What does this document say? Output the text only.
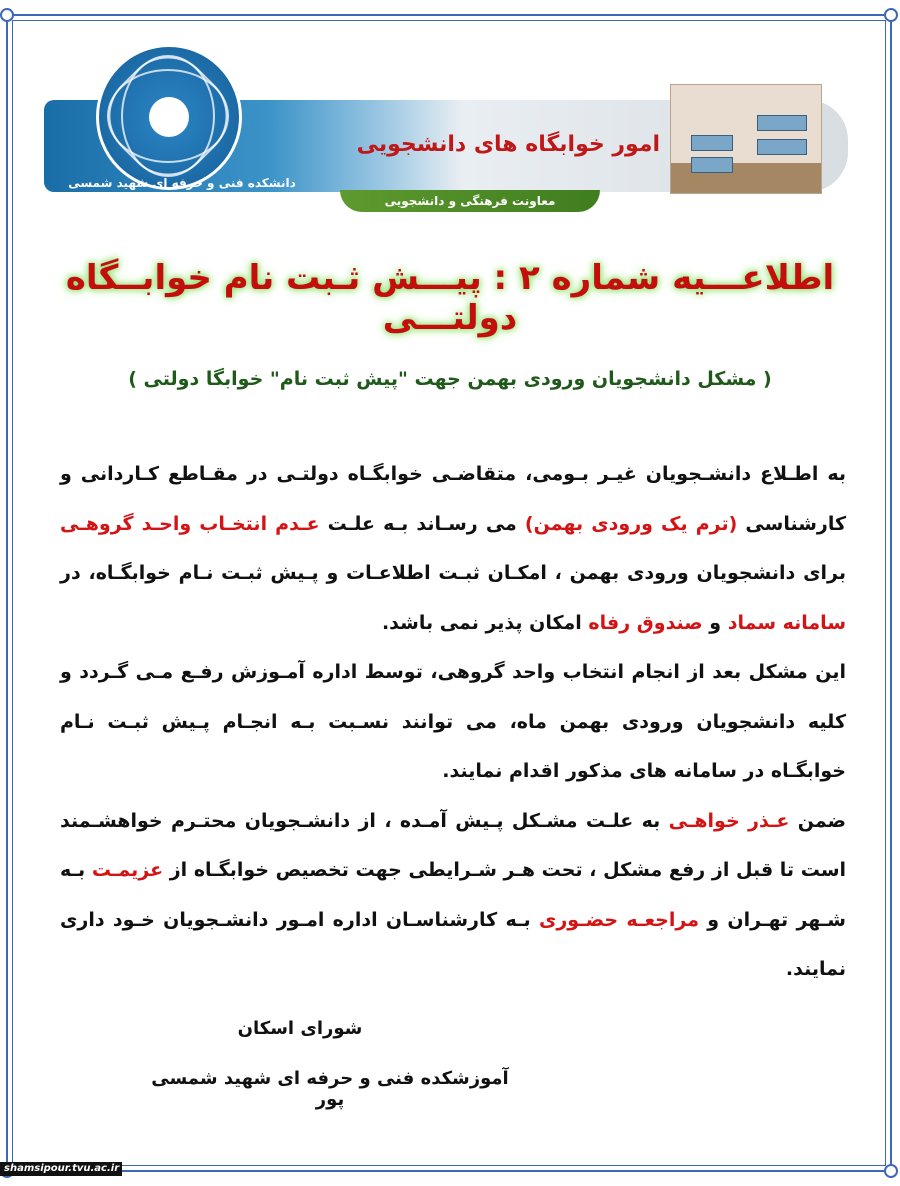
معاونت فرهنگی و دانشجویی
دانشکده فنی و حرفه ای شهید شمسی پور تهران
امور خوابگاه های دانشجویی
اطلاعـــیه شماره ۲ : پیـــش ثـبت نام خوابــگاه دولتـــی
( مشکل دانشجویان ورودی بهمن جهت "پیش ثبت نام" خوابگا دولتی )
به اطـلاع دانشـجویان غیـر بـومی، متقاضـی خوابگـاه دولتـی در مقـاطع کـاردانی و کارشناسی (ترم یک ورودی بهمن) می رسـاند بـه علـت عـدم انتخـاب واحـد گروهـی برای دانشجویان ورودی بهمن ، امکـان ثبـت اطلاعـات و پـیش ثبـت نـام خوابگـاه، در سامانه سماد و صندوق رفاه امکان پذیر نمی باشد.
این مشکل بعد از انجام انتخاب واحد گروهی، توسط اداره آمـوزش رفـع مـی گـردد و کلیه دانشجویان ورودی بهمن ماه، می توانند نسـبت بـه انجـام پـیش ثبـت نـام خوابگـاه در سامانه های مذکور اقدام نمایند.
ضمن عـذر خواهـی به علـت مشـکل پـیش آمـده ، از دانشـجویان محتـرم خواهشـمند است تا قبل از رفع مشکل ، تحت هـر شـرایطی جهت تخصیص خوابگـاه از عزیمـت بـه شـهر تهـران و مراجعـه حضـوری بـه کارشناسـان اداره امـور دانشـجویان خـود داری نمایند.
شورای اسکان
آموزشکده فنی و حرفه ای شهید شمسی پور
shamsipour.tvu.ac.ir
